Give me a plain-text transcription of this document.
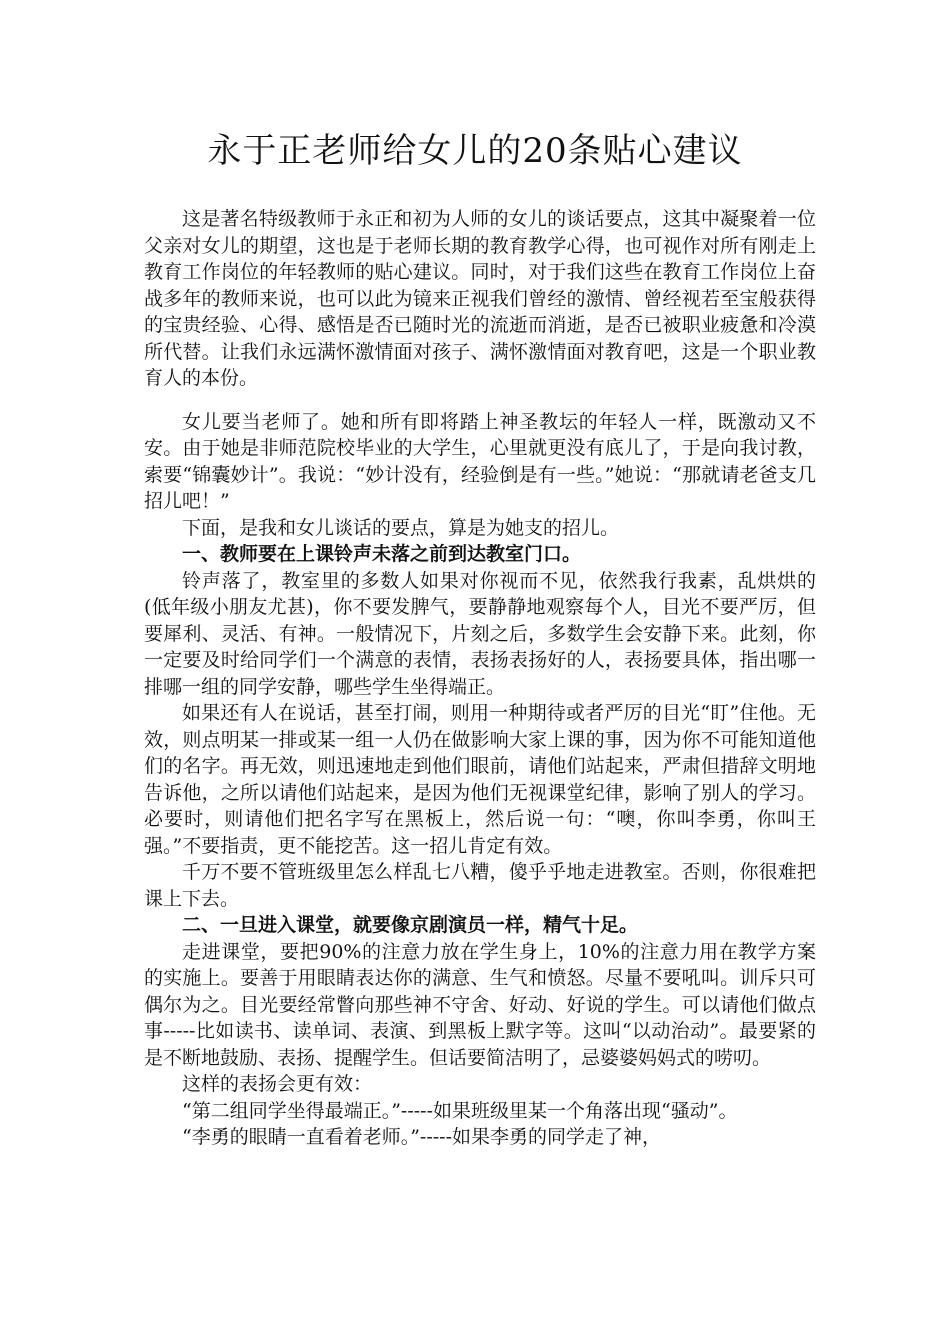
永于正老师给女儿的20条贴心建议

这是著名特级教师于永正和初为人师的女儿的谈话要点，这其中凝聚着一位父亲对女儿的期望，这也是于老师长期的教育教学心得，也可视作对所有刚走上教育工作岗位的年轻教师的贴心建议。同时，对于我们这些在教育工作岗位上奋战多年的教师来说，也可以此为镜来正视我们曾经的激情、曾经视若至宝般获得的宝贵经验、心得、感悟是否已随时光的流逝而消逝，是否已被职业疲惫和冷漠所代替。让我们永远满怀激情面对孩子、满怀激情面对教育吧，这是一个职业教育人的本份。

女儿要当老师了。她和所有即将踏上神圣教坛的年轻人一样，既激动又不安。由于她是非师范院校毕业的大学生，心里就更没有底儿了，于是向我讨教，索要“锦囊妙计”。我说：“妙计没有，经验倒是有一些。”她说：“那就请老爸支几招儿吧！”

下面，是我和女儿谈话的要点，算是为她支的招儿。

一、教师要在上课铃声未落之前到达教室门口。

铃声落了，教室里的多数人如果对你视而不见，依然我行我素，乱烘烘的(低年级小朋友尤甚)，你不要发脾气，要静静地观察每个人，目光不要严厉，但要犀利、灵活、有神。一般情况下，片刻之后，多数学生会安静下来。此刻，你一定要及时给同学们一个满意的表情，表扬表扬好的人，表扬要具体，指出哪一排哪一组的同学安静，哪些学生坐得端正。

如果还有人在说话，甚至打闹，则用一种期待或者严厉的目光“盯”住他。无效，则点明某一排或某一组一人仍在做影响大家上课的事，因为你不可能知道他们的名字。再无效，则迅速地走到他们眼前，请他们站起来，严肃但措辞文明地告诉他，之所以请他们站起来，是因为他们无视课堂纪律，影响了别人的学习。必要时，则请他们把名字写在黑板上，然后说一句：“噢，你叫李勇，你叫王强。”不要指责，更不能挖苦。这一招儿肯定有效。

千万不要不管班级里怎么样乱七八糟，傻乎乎地走进教室。否则，你很难把课上下去。

二、一旦进入课堂，就要像京剧演员一样，精气十足。

走进课堂，要把90%的注意力放在学生身上，10%的注意力用在教学方案的实施上。要善于用眼睛表达你的满意、生气和愤怒。尽量不要吼叫。训斥只可偶尔为之。目光要经常瞥向那些神不守舍、好动、好说的学生。可以请他们做点事-----比如读书、读单词、表演、到黑板上默字等。这叫“以动治动”。最要紧的是不断地鼓励、表扬、提醒学生。但话要简洁明了，忌婆婆妈妈式的唠叨。

这样的表扬会更有效：

“第二组同学坐得最端正。”-----如果班级里某一个角落出现“骚动”。

“李勇的眼睛一直看着老师。”-----如果李勇的同学走了神，
